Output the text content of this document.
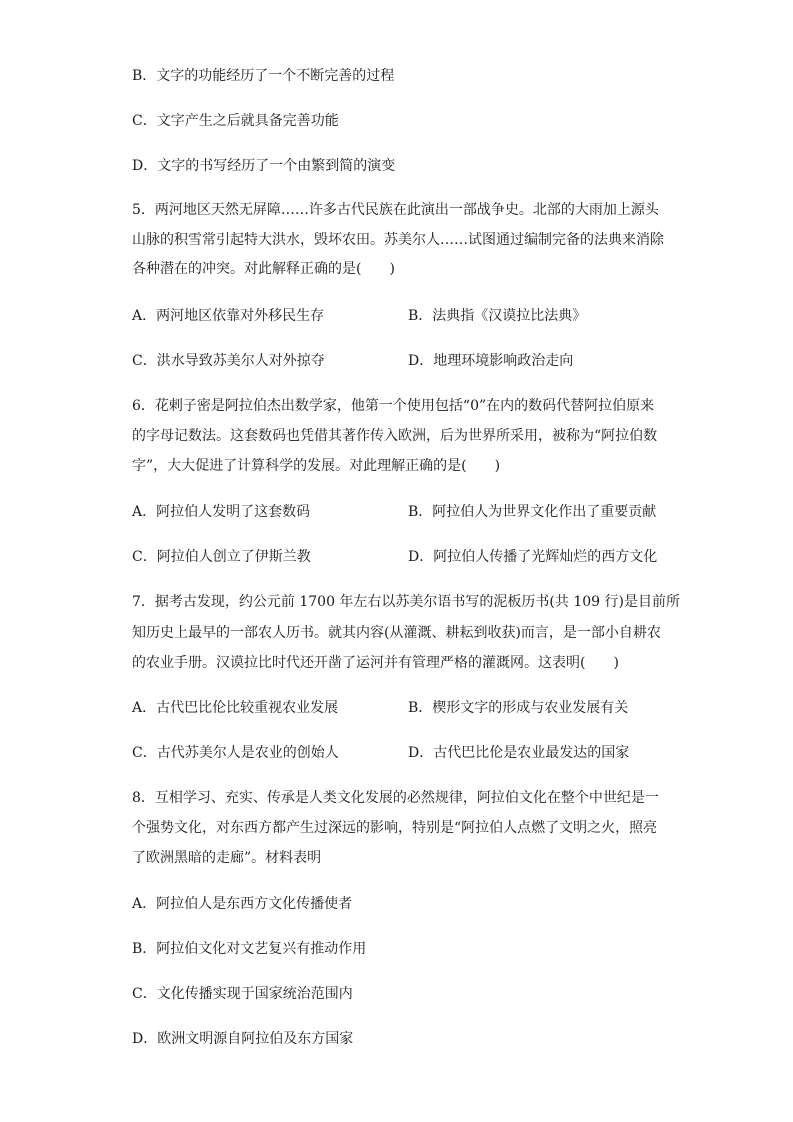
B．文字的功能经历了一个不断完善的过程
C．文字产生之后就具备完善功能
D．文字的书写经历了一个由繁到简的演变
5．两河地区天然无屏障……许多古代民族在此演出一部战争史。北部的大雨加上源头
山脉的积雪常引起特大洪水，毁坏农田。苏美尔人……试图通过编制完备的法典来消除
各种潜在的冲突。对此解释正确的是(　　)
A．两河地区依靠对外移民生存	B．法典指《汉谟拉比法典》
C．洪水导致苏美尔人对外掠夺	D．地理环境影响政治走向
6．花剌子密是阿拉伯杰出数学家，他第一个使用包括“0”在内的数码代替阿拉伯原来
的字母记数法。这套数码也凭借其著作传入欧洲，后为世界所采用，被称为“阿拉伯数
字”，大大促进了计算科学的发展。对此理解正确的是(　　)
A．阿拉伯人发明了这套数码	B．阿拉伯人为世界文化作出了重要贡献
C．阿拉伯人创立了伊斯兰教	D．阿拉伯人传播了光辉灿烂的西方文化
7．据考古发现，约公元前 1700 年左右以苏美尔语书写的泥板历书(共 109 行)是目前所
知历史上最早的一部农人历书。就其内容(从灌溉、耕耘到收获)而言，是一部小自耕农
的农业手册。汉谟拉比时代还开凿了运河并有管理严格的灌溉网。这表明(　　)
A．古代巴比伦比较重视农业发展	B．楔形文字的形成与农业发展有关
C．古代苏美尔人是农业的创始人	D．古代巴比伦是农业最发达的国家
8．互相学习、充实、传承是人类文化发展的必然规律，阿拉伯文化在整个中世纪是一
个强势文化，对东西方都产生过深远的影响，特别是“阿拉伯人点燃了文明之火，照亮
了欧洲黑暗的走廊”。材料表明
A．阿拉伯人是东西方文化传播使者
B．阿拉伯文化对文艺复兴有推动作用
C．文化传播实现于国家统治范围内
D．欧洲文明源自阿拉伯及东方国家
